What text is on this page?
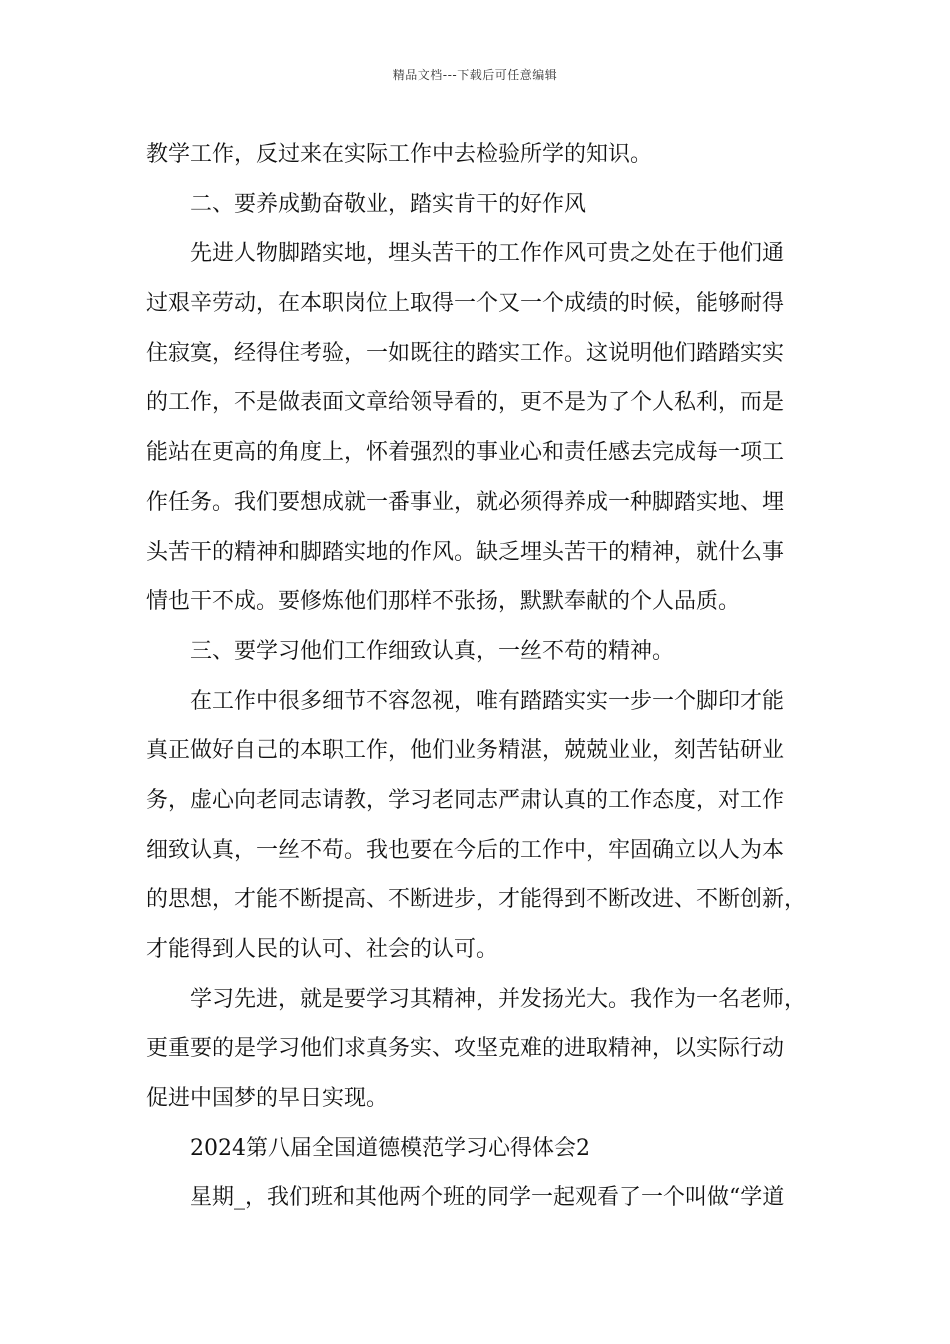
精品文档---下载后可任意编辑
教学工作，反过来在实际工作中去检验所学的知识。
二、要养成勤奋敬业，踏实肯干的好作风
先进人物脚踏实地，埋头苦干的工作作风可贵之处在于他们通
过艰辛劳动，在本职岗位上取得一个又一个成绩的时候，能够耐得
住寂寞，经得住考验，一如既往的踏实工作。这说明他们踏踏实实
的工作，不是做表面文章给领导看的，更不是为了个人私利，而是
能站在更高的角度上，怀着强烈的事业心和责任感去完成每一项工
作任务。我们要想成就一番事业，就必须得养成一种脚踏实地、埋
头苦干的精神和脚踏实地的作风。缺乏埋头苦干的精神，就什么事
情也干不成。要修炼他们那样不张扬，默默奉献的个人品质。
三、要学习他们工作细致认真，一丝不苟的精神。
在工作中很多细节不容忽视，唯有踏踏实实一步一个脚印才能
真正做好自己的本职工作，他们业务精湛，兢兢业业，刻苦钻研业
务，虚心向老同志请教，学习老同志严肃认真的工作态度，对工作
细致认真，一丝不苟。我也要在今后的工作中，牢固确立以人为本
的思想，才能不断提高、不断进步，才能得到不断改进、不断创新，
才能得到人民的认可、社会的认可。
学习先进，就是要学习其精神，并发扬光大。我作为一名老师，
更重要的是学习他们求真务实、攻坚克难的进取精神，以实际行动
促进中国梦的早日实现。
2024第八届全国道德模范学习心得体会2
星期_，我们班和其他两个班的同学一起观看了一个叫做“学道
